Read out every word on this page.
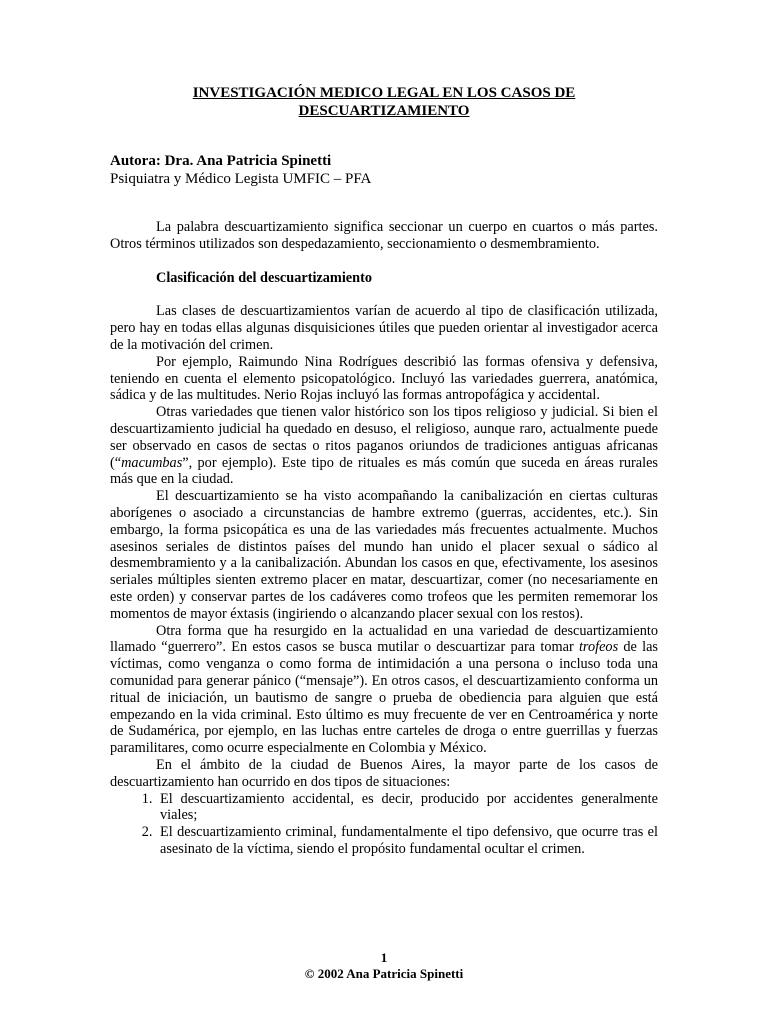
INVESTIGACIÓN MEDICO LEGAL EN LOS CASOS DE
DESCUARTIZAMIENTO
Autora: Dra. Ana Patricia Spinetti
Psiquiatra y Médico Legista UMFIC – PFA

La palabra descuartizamiento significa seccionar un cuerpo en cuartos o más partes. Otros términos utilizados son despedazamiento, seccionamiento o desmembramiento.

Clasificación del descuartizamiento

Las clases de descuartizamientos varían de acuerdo al tipo de clasificación utilizada, pero hay en todas ellas algunas disquisiciones útiles que pueden orientar al investigador acerca de la motivación del crimen.

Por ejemplo, Raimundo Nina Rodrígues describió las formas ofensiva y defensiva, teniendo en cuenta el elemento psicopatológico. Incluyó las variedades guerrera, anatómica, sádica y de las multitudes. Nerio Rojas incluyó las formas antropofágica y accidental.

Otras variedades que tienen valor histórico son los tipos religioso y judicial. Si bien el descuartizamiento judicial ha quedado en desuso, el religioso, aunque raro, actualmente puede ser observado en casos de sectas o ritos paganos oriundos de tradiciones antiguas africanas (“macumbas”, por ejemplo). Este tipo de rituales es más común que suceda en áreas rurales más que en la ciudad.

El descuartizamiento se ha visto acompañando la canibalización en ciertas culturas aborígenes o asociado a circunstancias de hambre extremo (guerras, accidentes, etc.). Sin embargo, la forma psicopática es una de las variedades más frecuentes actualmente. Muchos asesinos seriales de distintos países del mundo han unido el placer sexual o sádico al desmembramiento y a la canibalización. Abundan los casos en que, efectivamente, los asesinos seriales múltiples sienten extremo placer en matar, descuartizar, comer (no necesariamente en este orden) y conservar partes de los cadáveres como trofeos que les permiten rememorar los momentos de mayor éxtasis (ingiriendo o alcanzando placer sexual con los restos).

Otra forma que ha resurgido en la actualidad en una variedad de descuartizamiento llamado “guerrero”. En estos casos se busca mutilar o descuartizar para tomar trofeos de las víctimas, como venganza o como forma de intimidación a una persona o incluso toda una comunidad para generar pánico (“mensaje”). En otros casos, el descuartizamiento conforma un ritual de iniciación, un bautismo de sangre o prueba de obediencia para alguien que está empezando en la vida criminal. Esto último es muy frecuente de ver en Centroamérica y norte de Sudamérica, por ejemplo, en las luchas entre carteles de droga o entre guerrillas y fuerzas paramilitares, como ocurre especialmente en Colombia y México.

En el ámbito de la ciudad de Buenos Aires, la mayor parte de los casos de descuartizamiento han ocurrido en dos tipos de situaciones:

1. El descuartizamiento accidental, es decir, producido por accidentes generalmente viales;
2. El descuartizamiento criminal, fundamentalmente el tipo defensivo, que ocurre tras el asesinato de la víctima, siendo el propósito fundamental ocultar el crimen.
1
© 2002 Ana Patricia Spinetti
